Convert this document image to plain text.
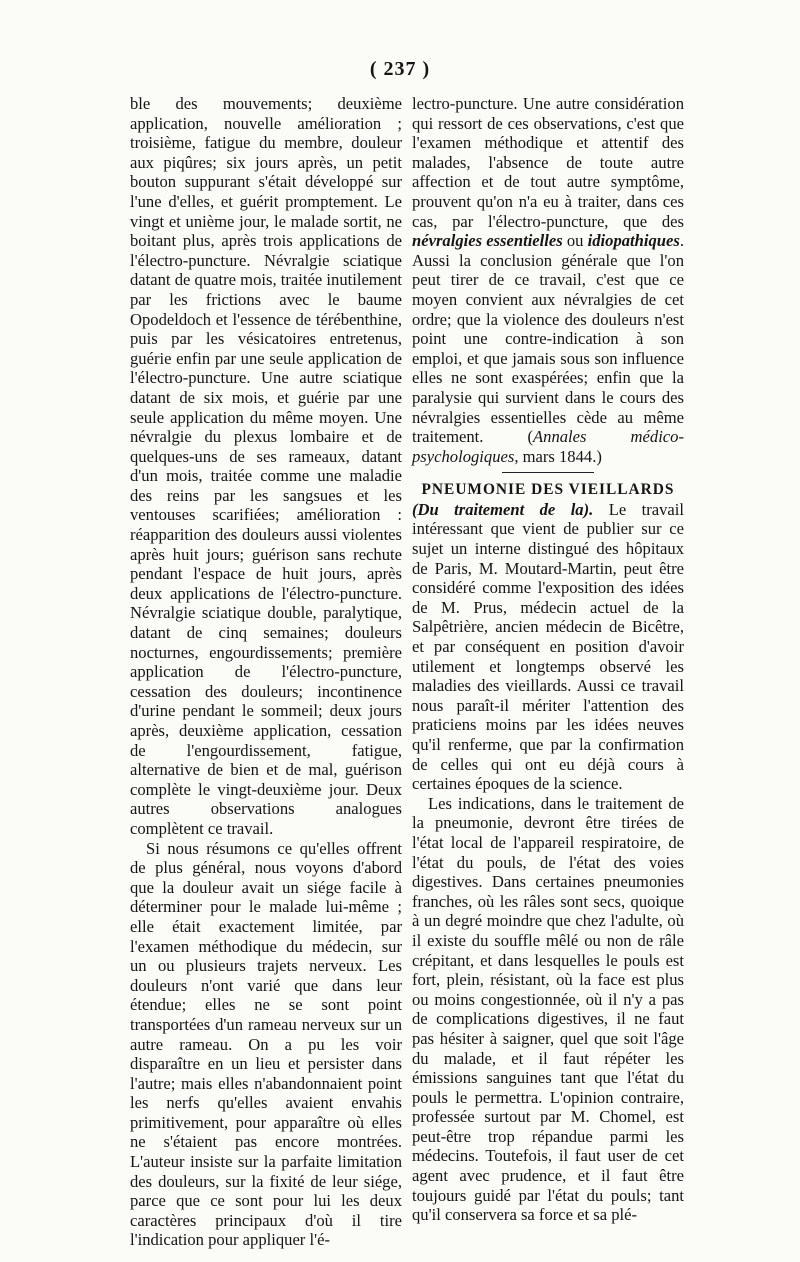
( 237 )

ble des mouvements; deuxième application, nouvelle amélioration ; troisième, fatigue du membre, douleur aux piqûres; six jours après, un petit bouton suppurant s'était développé sur l'une d'elles, et guérit promptement. Le vingt et unième jour, le malade sortit, ne boitant plus, après trois applications de l'électro-puncture. Névralgie sciatique datant de quatre mois, traitée inutilement par les frictions avec le baume Opodeldoch et l'essence de térébenthine, puis par les vésicatoires entretenus, guérie enfin par une seule application de l'électro-puncture. Une autre sciatique datant de six mois, et guérie par une seule application du même moyen. Une névralgie du plexus lombaire et de quelques-uns de ses rameaux, datant d'un mois, traitée comme une maladie des reins par les sangsues et les ventouses scarifiées; amélioration : réapparition des douleurs aussi violentes après huit jours; guérison sans rechute pendant l'espace de huit jours, après deux applications de l'électro-puncture. Névralgie sciatique double, paralytique, datant de cinq semaines; douleurs nocturnes, engourdissements; première application de l'électro-puncture, cessation des douleurs; incontinence d'urine pendant le sommeil; deux jours après, deuxième application, cessation de l'engourdissement, fatigue, alternative de bien et de mal, guérison complète le vingt-deuxième jour. Deux autres observations analogues complètent ce travail.

Si nous résumons ce qu'elles offrent de plus général, nous voyons d'abord que la douleur avait un siége facile à déterminer pour le malade lui-même ; elle était exactement limitée, par l'examen méthodique du médecin, sur un ou plusieurs trajets nerveux. Les douleurs n'ont varié que dans leur étendue; elles ne se sont point transportées d'un rameau nerveux sur un autre rameau. On a pu les voir disparaître en un lieu et persister dans l'autre; mais elles n'abandonnaient point les nerfs qu'elles avaient envahis primitivement, pour apparaître où elles ne s'étaient pas encore montrées. L'auteur insiste sur la parfaite limitation des douleurs, sur la fixité de leur siége, parce que ce sont pour lui les deux caractères principaux d'où il tire l'indication pour appliquer l'é-

lectro-puncture. Une autre considération qui ressort de ces observations, c'est que l'examen méthodique et attentif des malades, l'absence de toute autre affection et de tout autre symptôme, prouvent qu'on n'a eu à traiter, dans ces cas, par l'électro-puncture, que des névralgies essentielles ou idiopathiques. Aussi la conclusion générale que l'on peut tirer de ce travail, c'est que ce moyen convient aux névralgies de cet ordre; que la violence des douleurs n'est point une contre-indication à son emploi, et que jamais sous son influence elles ne sont exaspérées; enfin que la paralysie qui survient dans le cours des névralgies essentielles cède au même traitement. (Annales médico-psychologiques, mars 1844.)

PNEUMONIE DES VIEILLARDS

(Du traitement de la). Le travail intéressant que vient de publier sur ce sujet un interne distingué des hôpitaux de Paris, M. Moutard-Martin, peut être considéré comme l'exposition des idées de M. Prus, médecin actuel de la Salpêtrière, ancien médecin de Bicêtre, et par conséquent en position d'avoir utilement et longtemps observé les maladies des vieillards. Aussi ce travail nous paraît-il mériter l'attention des praticiens moins par les idées neuves qu'il renferme, que par la confirmation de celles qui ont eu déjà cours à certaines époques de la science.

Les indications, dans le traitement de la pneumonie, devront être tirées de l'état local de l'appareil respiratoire, de l'état du pouls, de l'état des voies digestives. Dans certaines pneumonies franches, où les râles sont secs, quoique à un degré moindre que chez l'adulte, où il existe du souffle mêlé ou non de râle crépitant, et dans lesquelles le pouls est fort, plein, résistant, où la face est plus ou moins congestionnée, où il n'y a pas de complications digestives, il ne faut pas hésiter à saigner, quel que soit l'âge du malade, et il faut répéter les émissions sanguines tant que l'état du pouls le permettra. L'opinion contraire, professée surtout par M. Chomel, est peut-être trop répandue parmi les médecins. Toutefois, il faut user de cet agent avec prudence, et il faut être toujours guidé par l'état du pouls; tant qu'il conservera sa force et sa plé-
